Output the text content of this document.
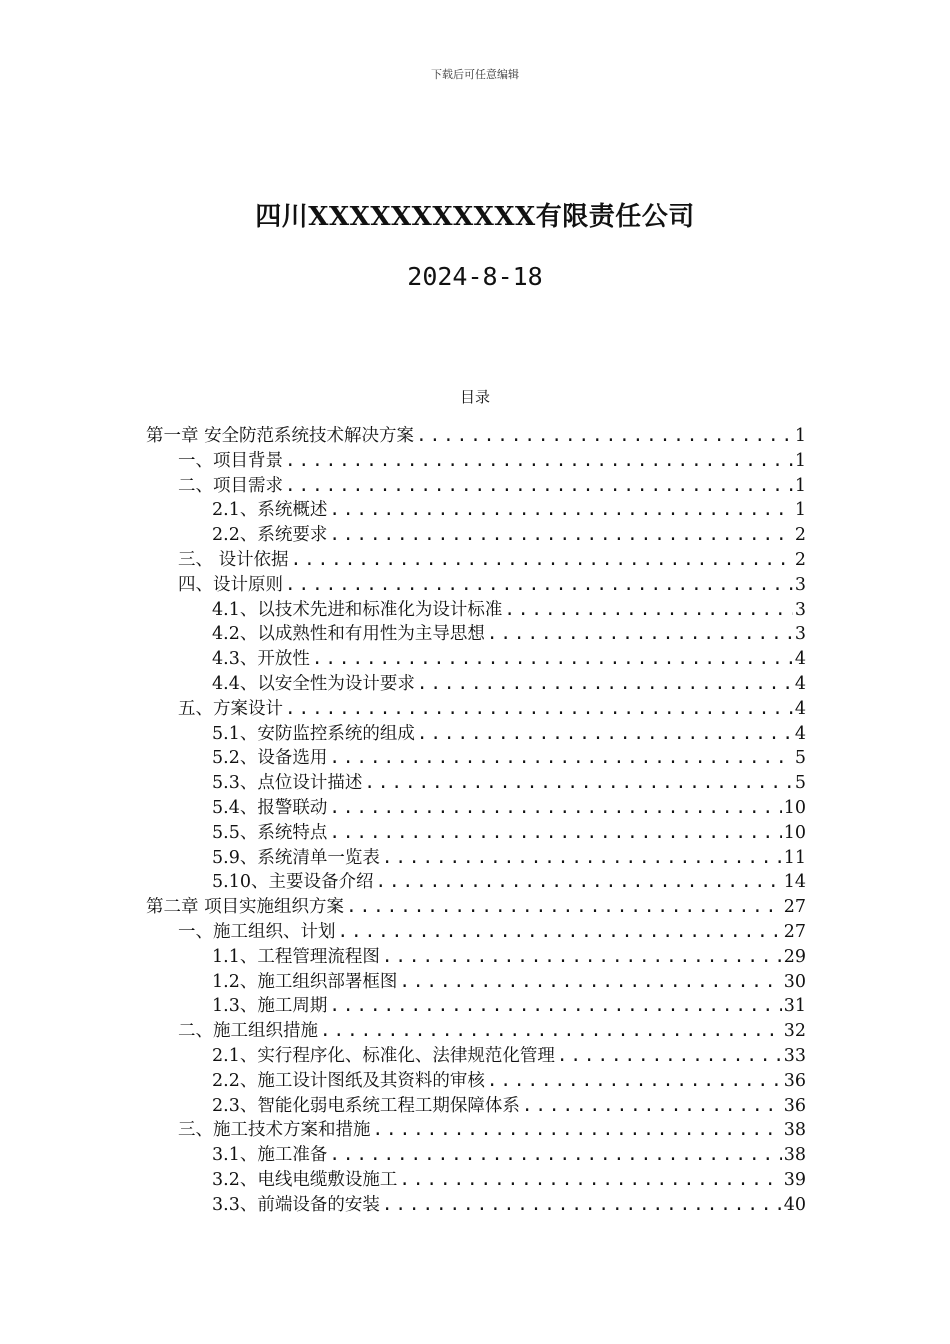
下载后可任意编辑
四川XXXXXXXXXXX有限责任公司
2024-8-18
目录
第一章 安全防范系统技术解决方案 .....	1
一、项目背景 .....	1
二、项目需求 .....	1
2.1、系统概述 .....	1
2.2、系统要求 .....	2
三、 设计依据 .....	2
四、设计原则 .....	3
4.1、以技术先进和标准化为设计标准 .....	3
4.2、以成熟性和有用性为主导思想 .....	3
4.3、开放性 .....	4
4.4、以安全性为设计要求 .....	4
五、方案设计 .....	4
5.1、安防监控系统的组成 .....	4
5.2、设备选用 .....	5
5.3、点位设计描述 .....	5
5.4、报警联动 .....	10
5.5、系统特点 .....	10
5.9、系统清单一览表 .....	11
5.10、主要设备介绍 .....	14
第二章 项目实施组织方案 .....	27
一、施工组织、计划 .....	27
1.1、工程管理流程图 .....	29
1.2、施工组织部署框图 .....	30
1.3、施工周期 .....	31
二、施工组织措施 .....	32
2.1、实行程序化、标准化、法律规范化管理 .....	33
2.2、施工设计图纸及其资料的审核 .....	36
2.3、智能化弱电系统工程工期保障体系 .....	36
三、施工技术方案和措施 .....	38
3.1、施工准备 .....	38
3.2、电线电缆敷设施工 .....	39
3.3、前端设备的安装 .....	40
